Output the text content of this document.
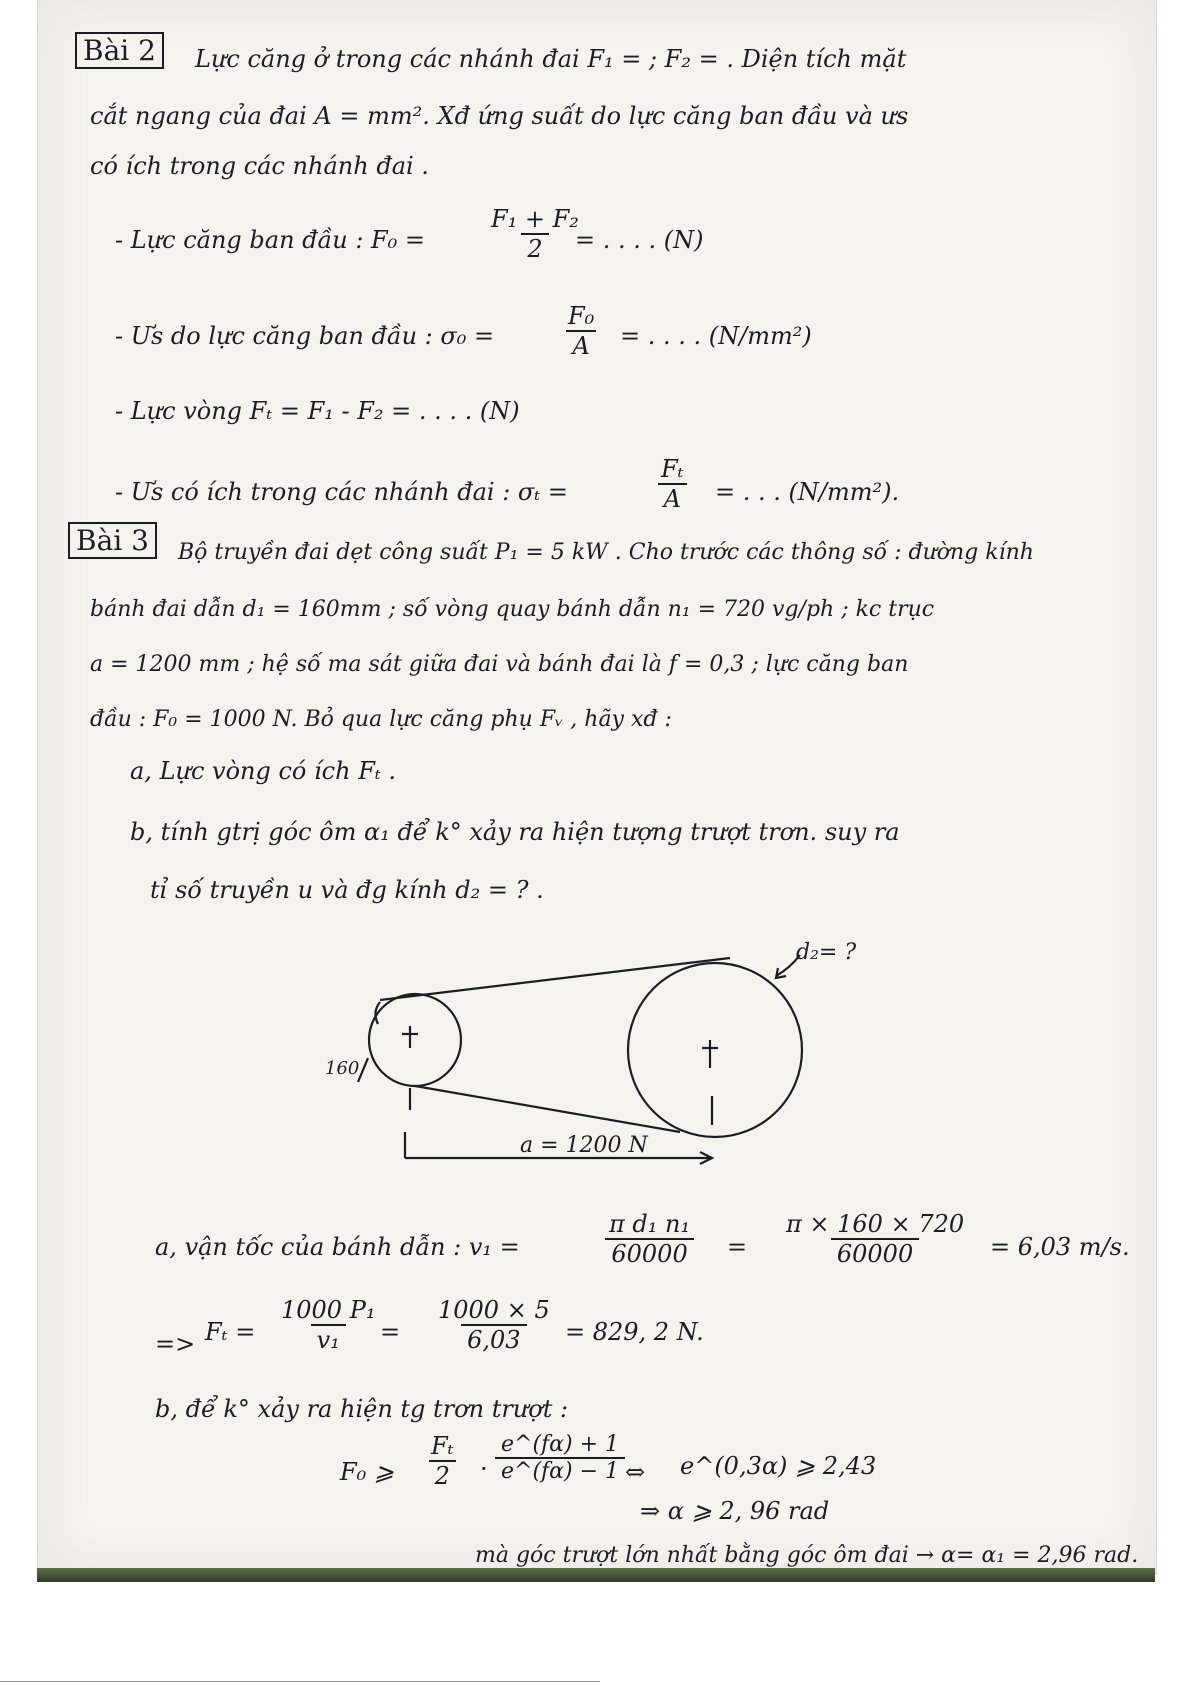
Bài 2	Lực căng ở trong các nhánh đai F₁ = ; F₂ = . Diện tích mặt
cắt ngang của đai A = mm². Xđ ứng suất do lực căng ban đầu và ưs
có ích trong các nhánh đai .
- Lực căng ban đầu : $F_0 = \frac{\text{F₁ + F₂}}{2}$
= . . . . (N)
- Ưs do lực căng ban đầu : σ₀ =	$\frac{\text{F₀}}{A}$ = . . . . (N/mm²)
- Lực vòng Fₜ = F₁ - F₂ = . . . . (N)
- Ưs có ích trong các nhánh đai : σₜ =	$\frac{\text{Fₜ}}{A}$ = . . . (N/mm²).
Bài 3	Bộ truyền đai dẹt công suất P₁ = 5 kW . Cho trước các thông số : đường kính
bánh đai dẫn d₁ = 160mm ; số vòng quay bánh dẫn n₁ = 720 vg/ph ; kc trục
a = 1200 mm ; hệ số ma sát giữa đai và bánh đai là f = 0,3 ; lực căng ban
đầu : F₀ = 1000 N. Bỏ qua lực căng phụ Fᵥ , hãy xđ :
a, Lực vòng có ích Fₜ .
b, tính gtrị góc ôm α₁ để k° xảy ra hiện tượng trượt trơn. suy ra
tỉ số truyền u và đg kính d₂ = ? .
d₂= ?
160
a = 1200 N
a, vận tốc của bánh dẫn : v₁ =	$\frac{\text{π d₁ n₁}}{60000} = \frac{\pi \times 160 \times 720}{60000} = 6,03$ m/s.
=> $F_t = \frac{\text{1000 P₁}}{\text{v₁}}$
= $\frac{1000 \times 5}{6,03} = 829$, 2 N.
b, để k° xảy ra hiện tg trơn trượt :
F₀ ⩾ $\frac{\text{Fₜ}}{2} \cdot \frac{e\^{}(f\alpha) + 1}{e\^{}(f\alpha) - 1}$ ⇔ e^(0,3α) ⩾ 2,43
⇒ α ⩾ 2, 96 rad
mà góc trượt lớn nhất bằng góc ôm đai → α= α₁ = 2,96 rad.
